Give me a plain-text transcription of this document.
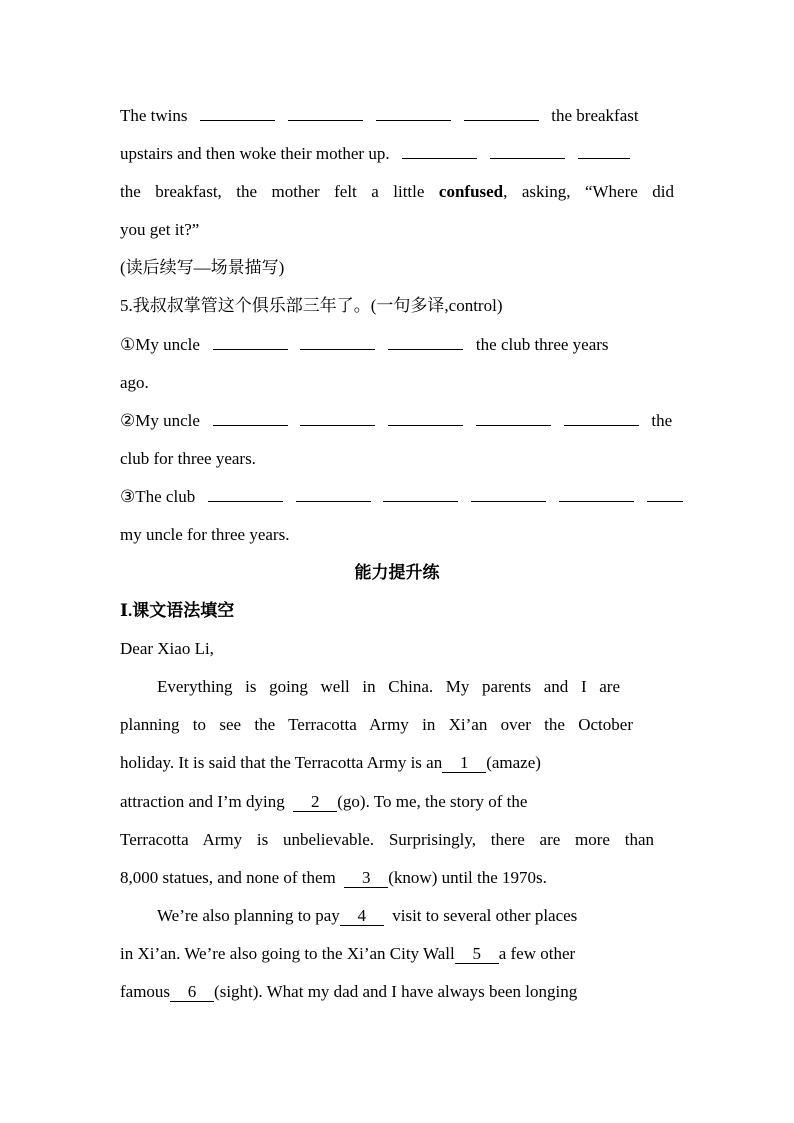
The twins	the breakfast
upstairs and then woke their mother up.
the breakfast, the mother felt a little confused, asking, “Where did
you get it?”
(读后续写—场景描写)
5.我叔叔掌管这个俱乐部三年了。(一句多译,control)
①My uncle	the club three years
ago.
②My uncle	the
club for three years.
③The club
my uncle for three years.
能力提升练
Ⅰ.课文语法填空
Dear Xiao Li,
Everything is going well in China. My parents and I are
planning to see the Terracotta Army in Xi’an over the October
holiday. It is said that the Terracotta Army is an 1 (amaze)
attraction and I’m dying 2 (go). To me, the story of the
Terracotta Army is unbelievable. Surprisingly, there are more than
8,000 statues, and none of them 3 (know) until the 1970s.
We’re also planning to pay 4 visit to several other places
in Xi’an. We’re also going to the Xi’an City Wall 5 a few other
famous 6 (sight). What my dad and I have always been longing
